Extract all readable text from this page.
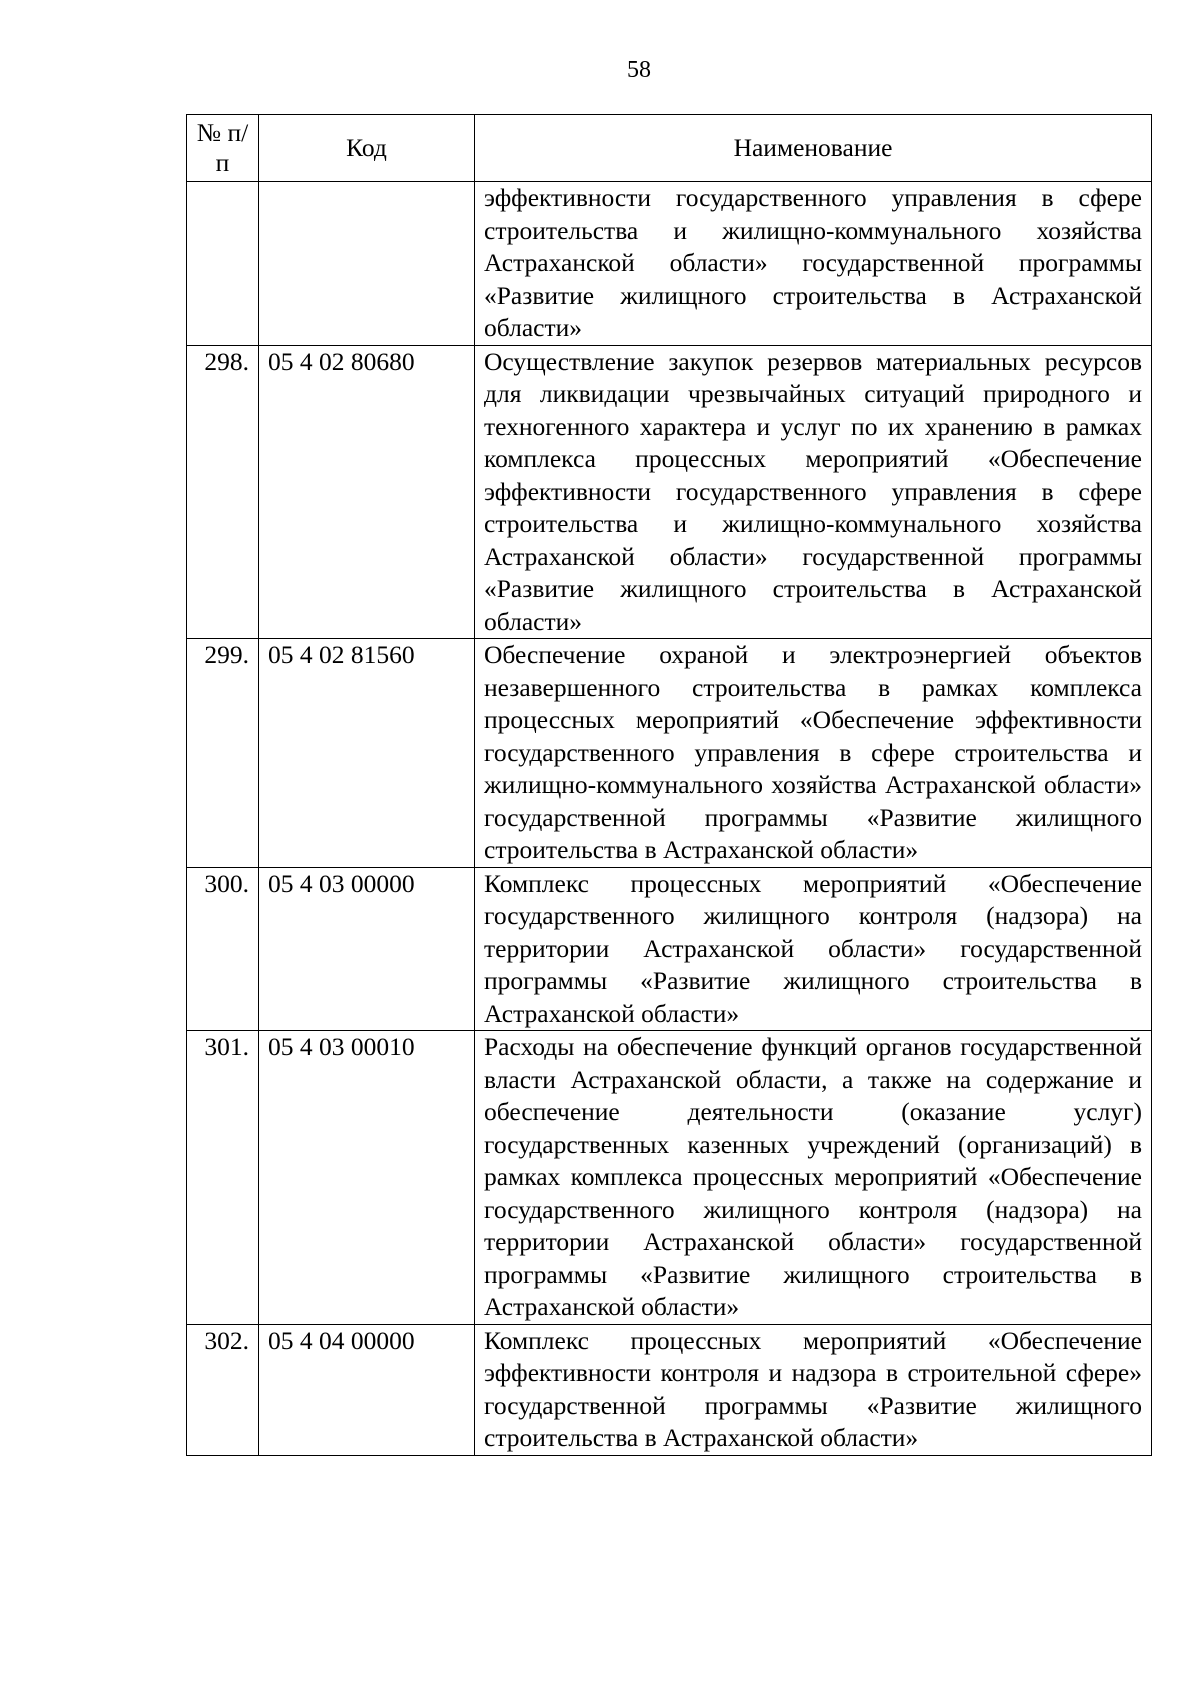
58
№ п/п	Код	Наименование
		эффективности государственного управления в сфере строительства и жилищно-коммунального хозяйства Астраханской области» государственной программы «Развитие жилищного строительства в Астраханской области»
298.	05 4 02 80680	Осуществление закупок резервов материальных ресурсов для ликвидации чрезвычайных ситуаций природного и техногенного характера и услуг по их хранению в рамках комплекса процессных мероприятий «Обеспечение эффективности государственного управления в сфере строительства и жилищно-коммунального хозяйства Астраханской области» государственной программы «Развитие жилищного строительства в Астраханской области»
299.	05 4 02 81560	Обеспечение охраной и электроэнергией объектов незавершенного строительства в рамках комплекса процессных мероприятий «Обеспечение эффективности государственного управления в сфере строительства и жилищно-коммунального хозяйства Астраханской области» государственной программы «Развитие жилищного строительства в Астраханской области»
300.	05 4 03 00000	Комплекс процессных мероприятий «Обеспечение государственного жилищного контроля (надзора) на территории Астраханской области» государственной программы «Развитие жилищного строительства в Астраханской области»
301.	05 4 03 00010	Расходы на обеспечение функций органов государственной власти Астраханской области, а также на содержание и обеспечение деятельности (оказание услуг) государственных казенных учреждений (организаций) в рамках комплекса процессных мероприятий «Обеспечение государственного жилищного контроля (надзора) на территории Астраханской области» государственной программы «Развитие жилищного строительства в Астраханской области»
302.	05 4 04 00000	Комплекс процессных мероприятий «Обеспечение эффективности контроля и надзора в строительной сфере» государственной программы «Развитие жилищного строительства в Астраханской области»
